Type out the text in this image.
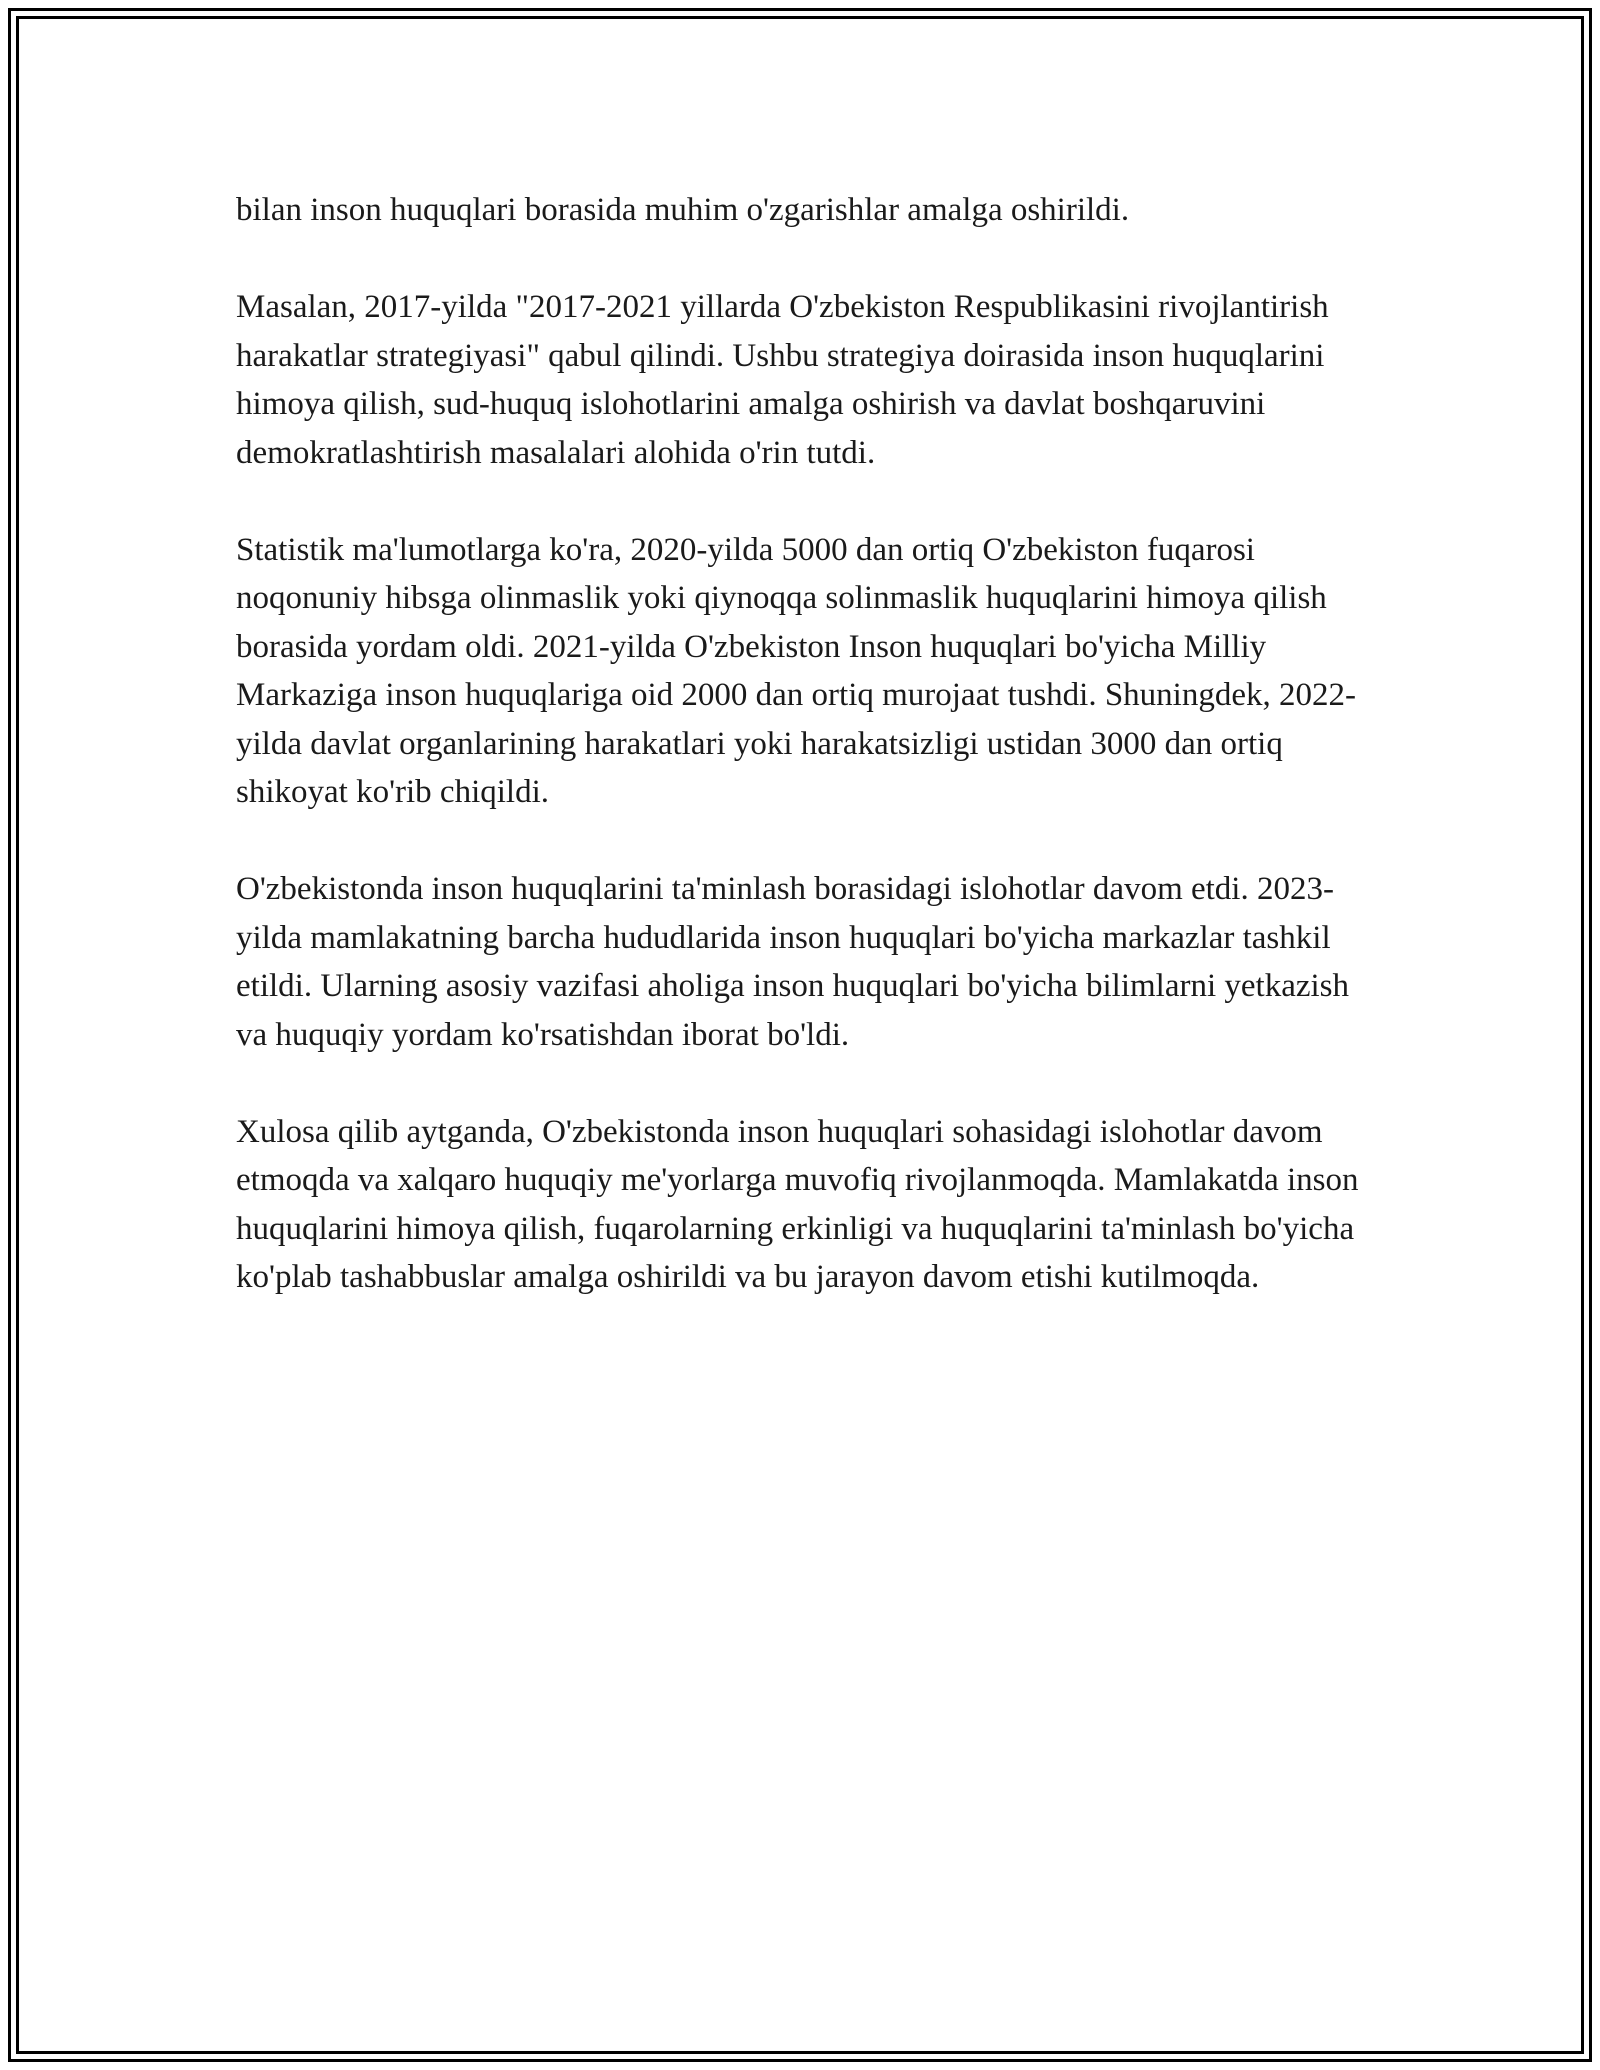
bilan inson huquqlari borasida muhim o'zgarishlar amalga oshirildi.

Masalan, 2017-yilda "2017-2021 yillarda O'zbekiston Respublikasini rivojlantirish harakatlar strategiyasi" qabul qilindi. Ushbu strategiya doirasida inson huquqlarini himoya qilish, sud-huquq islohotlarini amalga oshirish va davlat boshqaruvini demokratlashtirish masalalari alohida o'rin tutdi.

Statistik ma'lumotlarga ko'ra, 2020-yilda 5000 dan ortiq O'zbekiston fuqarosi noqonuniy hibsga olinmaslik yoki qiynoqqa solinmaslik huquqlarini himoya qilish borasida yordam oldi. 2021-yilda O'zbekiston Inson huquqlari bo'yicha Milliy Markaziga inson huquqlariga oid 2000 dan ortiq murojaat tushdi. Shuningdek, 2022-yilda davlat organlarining harakatlari yoki harakatsizligi ustidan 3000 dan ortiq shikoyat ko'rib chiqildi.

O'zbekistonda inson huquqlarini ta'minlash borasidagi islohotlar davom etdi. 2023-yilda mamlakatning barcha hududlarida inson huquqlari bo'yicha markazlar tashkil etildi. Ularning asosiy vazifasi aholiga inson huquqlari bo'yicha bilimlarni yetkazish va huquqiy yordam ko'rsatishdan iborat bo'ldi.

Xulosa qilib aytganda, O'zbekistonda inson huquqlari sohasidagi islohotlar davom etmoqda va xalqaro huquqiy me'yorlarga muvofiq rivojlanmoqda. Mamlakatda inson huquqlarini himoya qilish, fuqarolarning erkinligi va huquqlarini ta'minlash bo'yicha ko'plab tashabbuslar amalga oshirildi va bu jarayon davom etishi kutilmoqda.
